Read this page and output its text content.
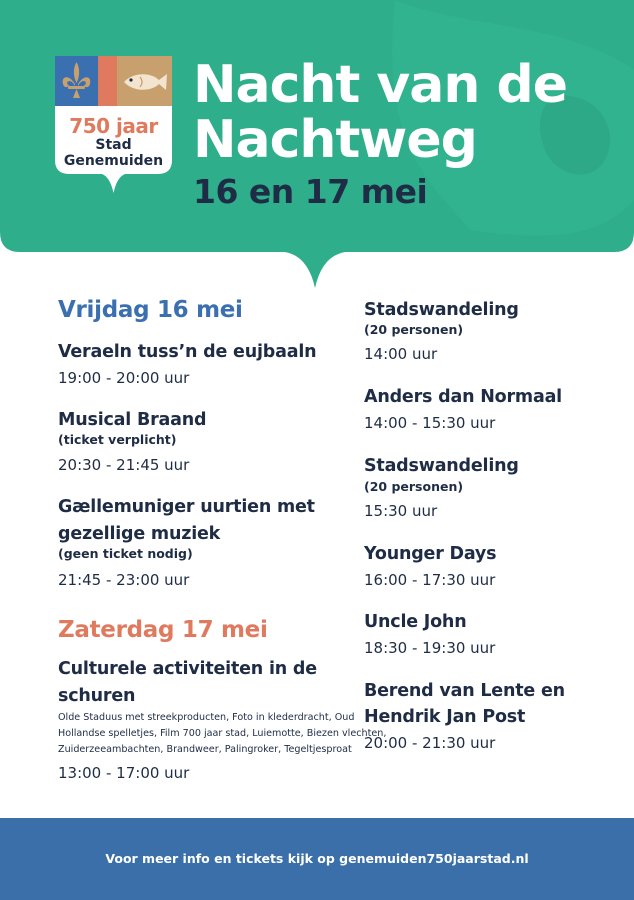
750 jaar
Stad
Genemuiden
Nacht van de
Nachtweg
16 en 17 mei
Vrijdag 16 mei
Veraeln tuss’n de eujbaaln
19:00 - 20:00 uur
Musical Braand
(ticket verplicht)
20:30 - 21:45 uur
Gællemuniger uurtien met
gezellige muziek
(geen ticket nodig)
21:45 - 23:00 uur
Zaterdag 17 mei
Culturele activiteiten in de
schuren
Olde Staduus met streekproducten, Foto in klederdracht, Oud
Hollandse spelletjes, Film 700 jaar stad, Luiemotte, Biezen vlechten,
Zuiderzeeambachten, Brandweer, Palingroker, Tegeltjesproat
13:00 - 17:00 uur
Stadswandeling
(20 personen)
14:00 uur
Anders dan Normaal
14:00 - 15:30 uur
Stadswandeling
(20 personen)
15:30 uur
Younger Days
16:00 - 17:30 uur
Uncle John
18:30 - 19:30 uur
Berend van Lente en
Hendrik Jan Post
20:00 - 21:30 uur
Voor meer info en tickets kijk op genemuiden750jaarstad.nl
